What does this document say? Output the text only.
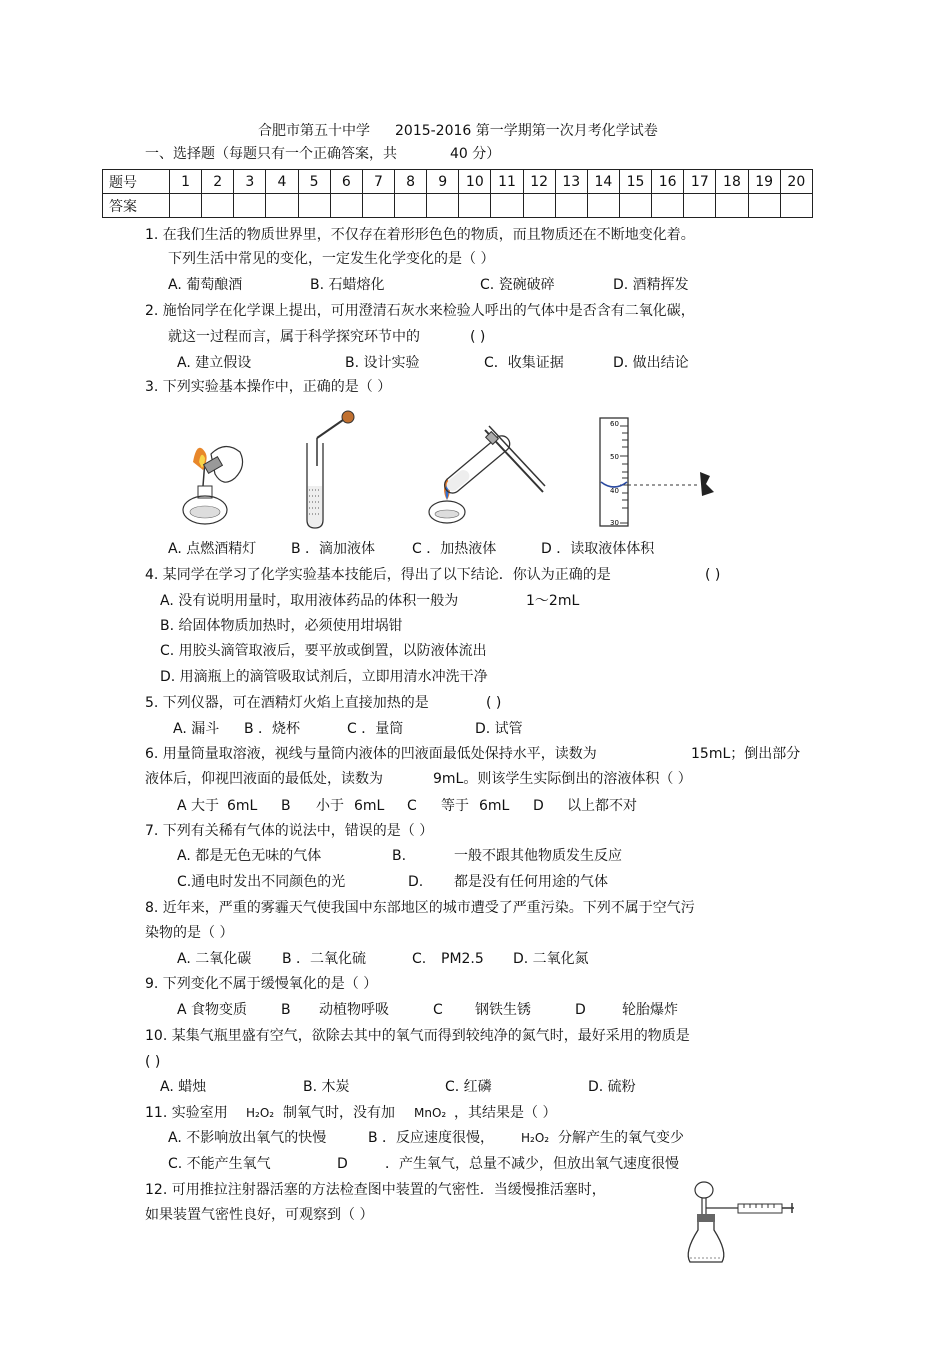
合肥市第五十中学 2015-2016 第一学期第一次月考化学试卷
一、选择题（每题只有一个正确答案，共	40 分）
题号	1	2	3	4	5	6	7	8	9	10	11	12	13	14	15	16	17	18	19	20
答案																				
1. 在我们生活的物质世界里，不仅存在着形形色色的物质，而且物质还在不断地变化着。
下列生活中常见的变化，一定发生化学变化的是（ ）
A. 葡萄酿酒	B. 石蜡熔化	C. 瓷碗破碎	D. 酒精挥发
2. 施怡同学在化学课上提出，可用澄清石灰水来检验人呼出的气体中是否含有二氧化碳，
就这一过程而言，属于科学探究环节中的	( )
A. 建立假设	B. 设计实验	C．收集证据	D. 做出结论
3. 下列实验基本操作中，正确的是（ ）
60
50
40
30
A. 点燃酒精灯 B ．滴加液体	C ．加热液体	D ．读取液体体积
4. 某同学在学习了化学实验基本技能后，得出了以下结论．你认为正确的是	( )
A. 没有说明用量时，取用液体药品的体积一般为	1～2mL
B. 给固体物质加热时，必须使用坩埚钳
C. 用胶头滴管取液后，要平放或倒置，以防液体流出
D. 用滴瓶上的滴管吸取试剂后，立即用清水冲洗干净
5. 下列仪器，可在酒精灯火焰上直接加热的是	( )
A. 漏斗 B ．烧杯	C ．量筒	D. 试管
6. 用量筒量取溶液，视线与量筒内液体的凹液面最低处保持水平，读数为	15mL；倒出部分
液体后，仰视凹液面的最低处，读数为	9mL。则该学生实际倒出的溶液体积（ ）
A 大于 6mL B 小于 6mL C 等于 6mL D 以上都不对
7. 下列有关稀有气体的说法中，错误的是（ ）
A. 都是无色无味的气体	B.	一般不跟其他物质发生反应
C.通电时发出不同颜色的光	D. 都是没有任何用途的气体
8. 近年来，严重的雾霾天气使我国中东部地区的城市遭受了严重污染。下列不属于空气污
染物的是（ ）
A. 二氧化碳 B ．二氧化硫	C. PM2.5 D. 二氧化氮
9. 下列变化不属于缓慢氧化的是（ ）
A 食物变质 B 动植物呼吸	C 钢铁生锈	D	轮胎爆炸
10. 某集气瓶里盛有空气，欲除去其中的氧气而得到较纯净的氮气时，最好采用的物质是
( )
A. 蜡烛	B. 木炭	C. 红磷	D. 硫粉
11. 实验室用 H₂O₂ 制氧气时，没有加 MnO₂ ，其结果是（ ）
A. 不影响放出氧气的快慢	B ．反应速度很慢， H₂O₂ 分解产生的氧气变少
C. 不能产生氧气	D	．产生氧气，总量不减少，但放出氧气速度很慢
12. 可用推拉注射器活塞的方法检查图中装置的气密性．当缓慢推活塞时，
如果装置气密性良好，可观察到（ ）
